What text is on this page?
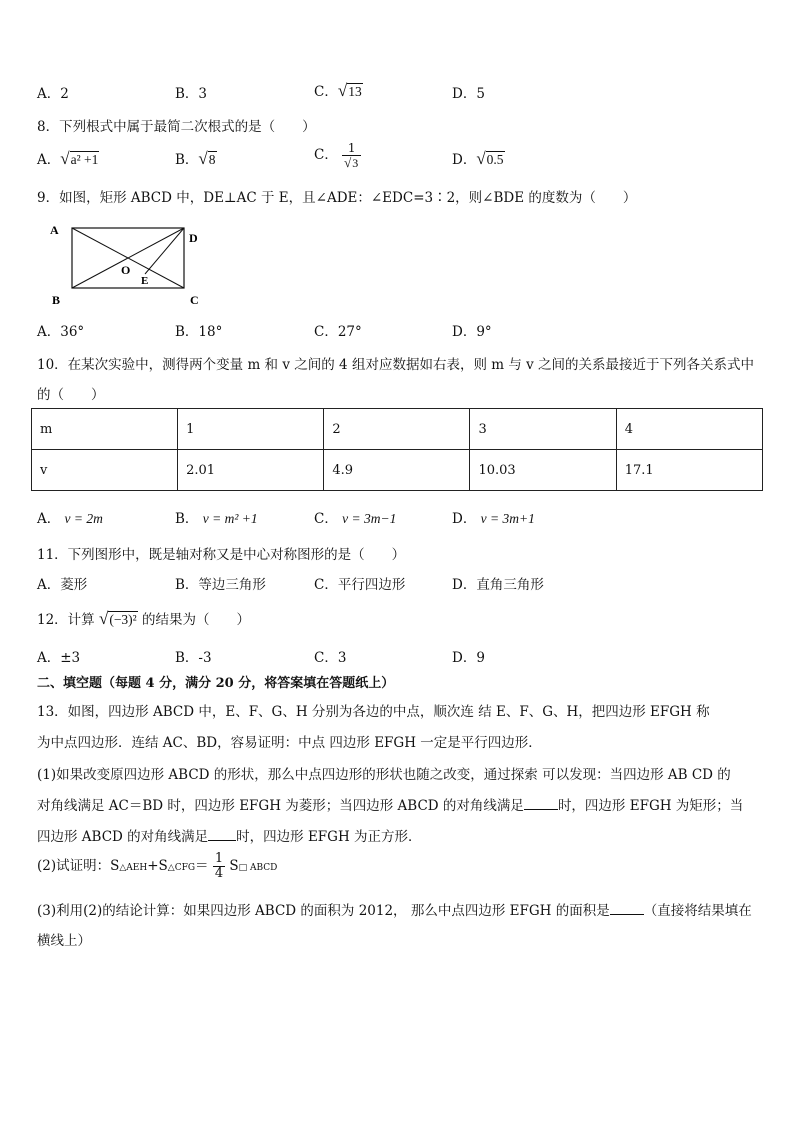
A．2	B．3	C．√13	D．5
8．下列根式中属于最简二次根式的是（　　）
A．√a² +1	B．√8	C． $\frac{1}{√3}$	D．√0.5
9．如图，矩形 ABCD 中，DE⊥AC 于 E，且∠ADE：∠EDC=3∶2，则∠BDE 的度数为（　　）
A
D
B	C
O
E
A．36°	B．18°	C．27°	D．9°
10．在某次实验中，测得两个变量 m 和 v 之间的 4 组对应数据如右表，则 m 与 v 之间的关系最接近于下列各关系式中
的（　　）
m	1	2	3	4
v	2.01	4.9	10.03	17.1
A． v = 2m	B． v = m² +1	C． v = 3m−1	D． v = 3m+1
11．下列图形中，既是轴对称又是中心对称图形的是（　　）
A．菱形	B．等边三角形	C．平行四边形	D．直角三角形
12．计算 √(−3)² 的结果为（　　）
A．±3	B．-3	C．3	D．9
二、填空题（每题 4 分，满分 20 分，将答案填在答题纸上）
13．如图，四边形 ABCD 中，E、F、G、H 分别为各边的中点，顺次连 结 E、F、G、H，把四边形 EFGH 称
为中点四边形．连结 AC、BD，容易证明：中点 四边形 EFGH 一定是平行四边形．
(1)如果改变原四边形 ABCD 的形状，那么中点四边形的形状也随之改变，通过探索 可以发现：当四边形 AB CD 的
对角线满足 AC＝BD 时，四边形 EFGH 为菱形；当四边形 ABCD 的对角线满足	时，四边形 EFGH 为矩形；当
四边形 ABCD 的对角线满足 时，四边形 EFGH 为正方形．
(2)试证明：S△AEH+S△CFG＝ $\frac{1}{4}$ S□ ABCD
(3)利用(2)的结论计算：如果四边形 ABCD 的面积为 2012， 那么中点四边形 EFGH 的面积是	（直接将结果填在
横线上）
